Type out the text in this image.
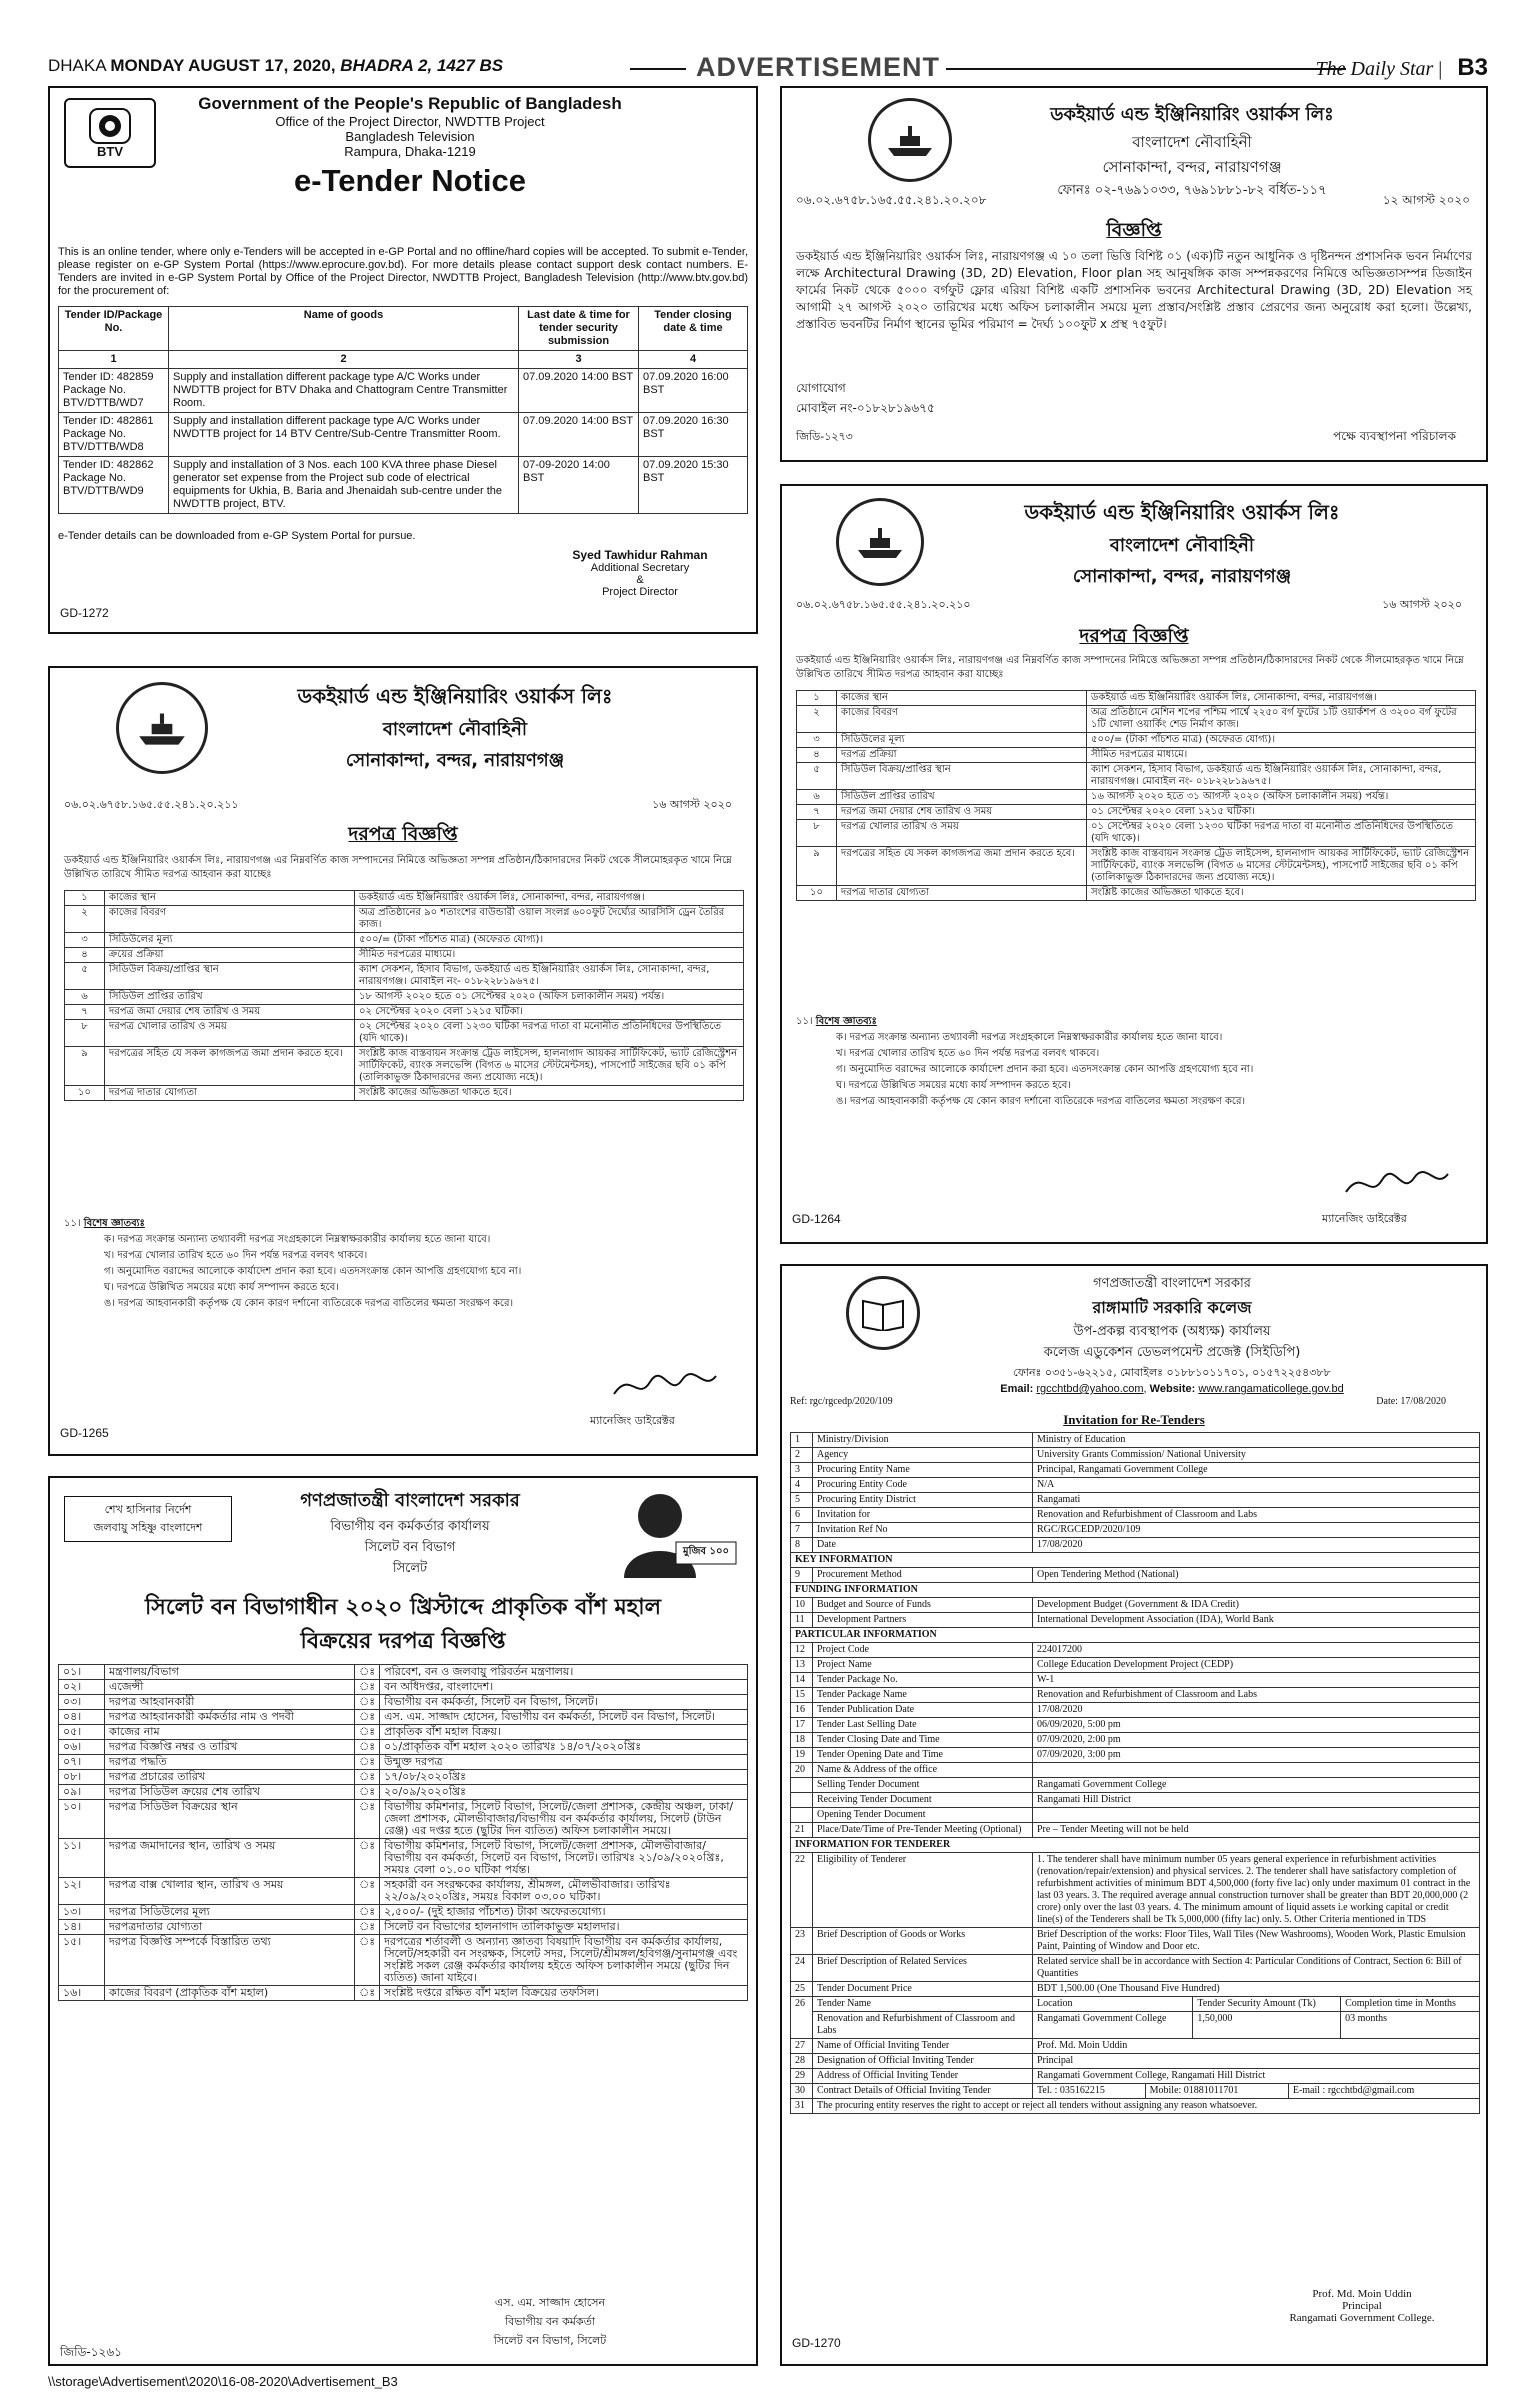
DHAKA MONDAY AUGUST 17, 2020, BHADRA 2, 1427 BS	ADVERTISEMENT	The Daily Star | B3
BTV
Government of the People's Republic of Bangladesh
Office of the Project Director, NWDTTB Project
Bangladesh Television
Rampura, Dhaka-1219
e-Tender Notice
This is an online tender, where only e-Tenders will be accepted in e-GP Portal and no offline/hard copies will be accepted. To submit e-Tender, please register on e-GP System Portal (https://www.eprocure.gov.bd). For more details please contact support desk contact numbers. E-Tenders are invited in e-GP System Portal by Office of the Project Director, NWDTTB Project, Bangladesh Television (http://www.btv.gov.bd) for the procurement of:
Tender ID/Package No.	Name of goods	Last date & time for tender security submission	Tender closing date & time
1	2	3	4
Tender ID: 482859 Package No. BTV/DTTB/WD7	Supply and installation different package type A/C Works under NWDTTB project for BTV Dhaka and Chattogram Centre Transmitter Room.	07.09.2020 14:00 BST	07.09.2020 16:00 BST
Tender ID: 482861 Package No. BTV/DTTB/WD8	Supply and installation different package type A/C Works under NWDTTB project for 14 BTV Centre/Sub-Centre Transmitter Room.	07.09.2020 14:00 BST	07.09.2020 16:30 BST
Tender ID: 482862 Package No. BTV/DTTB/WD9	Supply and installation of 3 Nos. each 100 KVA three phase Diesel generator set expense from the Project sub code of electrical equipments for Ukhia, B. Baria and Jhenaidah sub-centre under the NWDTTB project, BTV.	07-09-2020 14:00 BST	07.09.2020 15:30 BST
e-Tender details can be downloaded from e-GP System Portal for pursue.
Syed Tawhidur Rahman
Additional Secretary
&
Project Director
GD-1272
ডকইয়ার্ড এন্ড ইঞ্জিনিয়ারিং ওয়ার্কস লিঃ
বাংলাদেশ নৌবাহিনী
সোনাকান্দা, বন্দর, নারায়ণগঞ্জ
ফোনঃ ০২-৭৬৯১০৩৩, ৭৬৯১৮৮১-৮২ বর্ধিত-১১৭
০৬.০২.৬৭৫৮.১৬৫.৫৫.২৪১.২০.২০৮	১২ আগস্ট ২০২০
বিজ্ঞপ্তি
ডকইয়ার্ড এন্ড ইঞ্জিনিয়ারিং ওয়ার্কস লিঃ, নারায়ণগঞ্জ এ ১০ তলা ভিত্তি বিশিষ্ট ০১ (এক)টি নতুন আধুনিক ও দৃষ্টিনন্দন প্রশাসনিক ভবন নির্মাণের লক্ষে Architectural Drawing (3D, 2D) Elevation, Floor plan সহ আনুষঙ্গিক কাজ সম্পন্নকরণের নিমিত্তে অভিজ্ঞতাসম্পন্ন ডিজাইন ফার্মের নিকট থেকে ৫০০০ বর্গফুট ফ্লোর এরিয়া বিশিষ্ট একটি প্রশাসনিক ভবনের Architectural Drawing (3D, 2D) Elevation সহ আগামী ২৭ আগস্ট ২০২০ তারিখের মধ্যে অফিস চলাকালীন সময়ে মূল্য প্রস্তাব/সংশ্লিষ্ট প্রস্তাব প্রেরণের জন্য অনুরোধ করা হলো। উল্লেখ্য, প্রস্তাবিত ভবনটির নির্মাণ স্থানের ভূমির পরিমাণ = দৈর্ঘ্য ১০০ফুট x প্রস্থ ৭৫ফুট।
যোগাযোগ
মোবাইল নং-০১৮২৮১৯৬৭৫
জিডি-১২৭৩	পক্ষে ব্যবস্থাপনা পরিচালক
ডকইয়ার্ড এন্ড ইঞ্জিনিয়ারিং ওয়ার্কস লিঃ
বাংলাদেশ নৌবাহিনী
সোনাকান্দা, বন্দর, নারায়ণগঞ্জ
০৬.০২.৬৭৫৮.১৬৫.৫৫.২৪১.২০.২১০	১৬ আগস্ট ২০২০
দরপত্র বিজ্ঞপ্তি
ডকইয়ার্ড এন্ড ইঞ্জিনিয়ারিং ওয়ার্কস লিঃ, নারায়ণগঞ্জ এর নিম্নবর্ণিত কাজ সম্পাদনের নিমিত্তে অভিজ্ঞতা সম্পন্ন প্রতিষ্ঠান/ঠিকাদারদের নিকট থেকে সীলমোহরকৃত খামে নিম্নে উল্লিখিত তারিখে সীমিত দরপত্র আহবান করা যাচ্ছেঃ
১	কাজের স্থান	ডকইয়ার্ড এন্ড ইঞ্জিনিয়ারিং ওয়ার্কস লিঃ, সোনাকান্দা, বন্দর, নারায়ণগঞ্জ।
২	কাজের বিবরণ	অত্র প্রতিষ্ঠানে মেশিন শপের পশ্চিম পার্শ্বে ২২৫০ বর্গ ফুটের ১টি ওয়ার্কশপ ও ৩২০০ বর্গ ফুটের ১টি খোলা ওয়ার্কিং শেড নির্মাণ কাজ।
৩	সিডিউলের মূল্য	৫০০/= (টাকা পাঁচশত মাত্র) (অফেরত যোগ্য)।
৪	দরপত্র প্রক্রিয়া	সীমিত দরপত্রের মাধ্যমে।
৫	সিডিউল বিক্রয়/প্রাপ্তির স্থান	ক্যাশ সেকশন, হিসাব বিভাগ, ডকইয়ার্ড এন্ড ইঞ্জিনিয়ারিং ওয়ার্কস লিঃ, সোনাকান্দা, বন্দর, নারায়ণগঞ্জ। মোবাইল নং- ০১৮২২৮১৯৬৭৫।
৬	সিডিউল প্রাপ্তির তারিখ	১৬ আগস্ট ২০২০ হতে ৩১ আগস্ট ২০২০ (অফিস চলাকালীন সময়) পর্যন্ত।
৭	দরপত্র জমা দেয়ার শেষ তারিখ ও সময়	০১ সেপ্টেম্বর ২০২০ বেলা ১২১৫ ঘটিকা।
৮	দরপত্র খোলার তারিখ ও সময়	০১ সেপ্টেম্বর ২০২০ বেলা ১২৩০ ঘটিকা দরপত্র দাতা বা মনোনীত প্রতিনিধিদের উপস্থিতিতে (যদি থাকে)।
৯	দরপত্রের সহিত যে সকল কাগজপত্র জমা প্রদান করতে হবে।	সংশ্লিষ্ট কাজ বাস্তবায়ন সংক্রান্ত ট্রেড লাইসেন্স, হালনাগাদ আয়কর সার্টিফিকেট, ভ্যাট রেজিস্ট্রেশন সার্টিফিকেট, ব্যাংক সলভেন্সি (বিগত ৬ মাসের স্টেটমেন্টসহ), পাসপোর্ট সাইজের ছবি ০১ কপি (তালিকাভুক্ত ঠিকাদারদের জন্য প্রযোজ্য নহে)।
১০	দরপত্র দাতার যোগ্যতা	সংশ্লিষ্ট কাজের অভিজ্ঞতা থাকতে হবে।
১১। বিশেষ জ্ঞাতব্যঃ
ক। দরপত্র সংক্রান্ত অন্যান্য তথ্যাবলী দরপত্র সংগ্রহকালে নিম্নস্বাক্ষরকারীর কার্যালয় হতে জানা যাবে।
খ। দরপত্র খোলার তারিখ হতে ৬০ দিন পর্যন্ত দরপত্র বলবৎ থাকবে।
গ। অনুমোদিত বরাদ্দের আলোকে কার্যাদেশ প্রদান করা হবে। এতদসংক্রান্ত কোন আপত্তি গ্রহণযোগ্য হবে না।
ঘ। দরপত্রে উল্লিখিত সময়ের মধ্যে কার্য সম্পাদন করতে হবে।
ঙ। দরপত্র আহবানকারী কর্তৃপক্ষ যে কোন কারণ দর্শানো ব্যতিরেকে দরপত্র বাতিলের ক্ষমতা সংরক্ষণ করে।
ম্যানেজিং ডাইরেক্টর
GD-1264
ডকইয়ার্ড এন্ড ইঞ্জিনিয়ারিং ওয়ার্কস লিঃ
বাংলাদেশ নৌবাহিনী
সোনাকান্দা, বন্দর, নারায়ণগঞ্জ
০৬.০২.৬৭৫৮.১৬৫.৫৫.২৪১.২০.২১১	১৬ আগস্ট ২০২০
দরপত্র বিজ্ঞপ্তি
ডকইয়ার্ড এন্ড ইঞ্জিনিয়ারিং ওয়ার্কস লিঃ, নারায়ণগঞ্জ এর নিম্নবর্ণিত কাজ সম্পাদনের নিমিত্তে অভিজ্ঞতা সম্পন্ন প্রতিষ্ঠান/ঠিকাদারদের নিকট থেকে সীলমোহরকৃত খামে নিম্নে উল্লিখিত তারিখে সীমিত দরপত্র আহবান করা যাচ্ছেঃ
১	কাজের স্থান	ডকইয়ার্ড এন্ড ইঞ্জিনিয়ারিং ওয়ার্কস লিঃ, সোনাকান্দা, বন্দর, নারায়ণগঞ্জ।
২	কাজের বিবরণ	অত্র প্রতিষ্ঠানের ৯০ শতাংশের বাউন্ডারী ওয়াল সংলগ্ন ৬০০ফুট দৈর্ঘ্যের আরসিসি ড্রেন তৈরির কাজ।
৩	সিডিউলের মূল্য	৫০০/= (টাকা পাঁচশত মাত্র) (অফেরত যোগ্য)।
৪	ক্রয়ের প্রক্রিয়া	সীমিত দরপত্রের মাধ্যমে।
৫	সিডিউল বিক্রয়/প্রাপ্তির স্থান	ক্যাশ সেকশন, হিসাব বিভাগ, ডকইয়ার্ড এন্ড ইঞ্জিনিয়ারিং ওয়ার্কস লিঃ, সোনাকান্দা, বন্দর, নারায়ণগঞ্জ। মোবাইল নং- ০১৮২২৮১৯৬৭৫।
৬	সিডিউল প্রাপ্তির তারিখ	১৮ আগস্ট ২০২০ হতে ০১ সেপ্টেম্বর ২০২০ (অফিস চলাকালীন সময়) পর্যন্ত।
৭	দরপত্র জমা দেয়ার শেষ তারিখ ও সময়	০২ সেপ্টেম্বর ২০২০ বেলা ১২১৫ ঘটিকা।
৮	দরপত্র খোলার তারিখ ও সময়	০২ সেপ্টেম্বর ২০২০ বেলা ১২৩০ ঘটিকা দরপত্র দাতা বা মনোনীত প্রতিনিধিদের উপস্থিতিতে (যদি থাকে)।
৯	দরপত্রের সহিত যে সকল কাগজপত্র জমা প্রদান করতে হবে।	সংশ্লিষ্ট কাজ বাস্তবায়ন সংক্রান্ত ট্রেড লাইসেন্স, হালনাগাদ আয়কর সার্টিফিকেট, ভ্যাট রেজিস্ট্রেশন সার্টিফিকেট, ব্যাংক সলভেন্সি (বিগত ৬ মাসের স্টেটমেন্টসহ), পাসপোর্ট সাইজের ছবি ০১ কপি (তালিকাভুক্ত ঠিকাদারদের জন্য প্রযোজ্য নহে)।
১০	দরপত্র দাতার যোগ্যতা	সংশ্লিষ্ট কাজের অভিজ্ঞতা থাকতে হবে।
১১। বিশেষ জ্ঞাতব্যঃ
ক। দরপত্র সংক্রান্ত অন্যান্য তথ্যাবলী দরপত্র সংগ্রহকালে নিম্নস্বাক্ষরকারীর কার্যালয় হতে জানা যাবে।
খ। দরপত্র খোলার তারিখ হতে ৬০ দিন পর্যন্ত দরপত্র বলবৎ থাকবে।
গ। অনুমোদিত বরাদ্দের আলোকে কার্যাদেশ প্রদান করা হবে। এতদসংক্রান্ত কোন আপত্তি গ্রহণযোগ্য হবে না।
ঘ। দরপত্রে উল্লিখিত সময়ের মধ্যে কার্য সম্পাদন করতে হবে।
ঙ। দরপত্র আহবানকারী কর্তৃপক্ষ যে কোন কারণ দর্শানো ব্যতিরেকে দরপত্র বাতিলের ক্ষমতা সংরক্ষণ করে।
ম্যানেজিং ডাইরেক্টর
GD-1265
গণপ্রজাতন্ত্রী বাংলাদেশ সরকার
রাঙ্গামাটি সরকারি কলেজ
উপ-প্রকল্প ব্যবস্থাপক (অধ্যক্ষ) কার্যালয়
কলেজ এডুকেশন ডেভলপমেন্ট প্রজেক্ট (সিইডিপি)
ফোনঃ ০৩৫১-৬২২১৫, মোবাইলঃ ০১৮৮১০১১৭০১, ০১৫৭২২৫৪৩৮৮
Email: rgcchtbd@yahoo.com, Website: www.rangamaticollege.gov.bd
Ref: rgc/rgcedp/2020/109	Date: 17/08/2020
Invitation for Re-Tenders
1	Ministry/Division	Ministry of Education
2	Agency	University Grants Commission/ National University
3	Procuring Entity Name	Principal, Rangamati Government College
4	Procuring Entity Code	N/A
5	Procuring Entity District	Rangamati
6	Invitation for	Renovation and Refurbishment of Classroom and Labs
7	Invitation Ref No	RGC/RGCEDP/2020/109
8	Date	17/08/2020
KEY INFORMATION		
9	Procurement Method	Open Tendering Method (National)
FUNDING INFORMATION		
10	Budget and Source of Funds	Development Budget (Government & IDA Credit)
11	Development Partners	International Development Association (IDA), World Bank
PARTICULAR INFORMATION		
12	Project Code	224017200
13	Project Name	College Education Development Project (CEDP)
14	Tender Package No.	W-1
15	Tender Package Name	Renovation and Refurbishment of Classroom and Labs
16	Tender Publication Date	17/08/2020
17	Tender Last Selling Date	06/09/2020, 5:00 pm
18	Tender Closing Date and Time	07/09/2020, 2:00 pm
19	Tender Opening Date and Time	07/09/2020, 3:00 pm
20	Name & Address of the office	
	Selling Tender Document	Rangamati Government College
	Receiving Tender Document	Rangamati Hill District
	Opening Tender Document	
21	Place/Date/Time of Pre-Tender Meeting (Optional)	Pre – Tender Meeting will not be held
INFORMATION FOR TENDERER		
22	Eligibility of Tenderer	1. The tenderer shall have minimum number 05 years general experience in refurbishment activities (renovation/repair/extension) and physical services. 2. The tenderer shall have satisfactory completion of refurbishment activities of minimum BDT 4,500,000 (forty five lac) only under maximum 01 contract in the last 03 years. 3. The required average annual construction turnover shall be greater than BDT 20,000,000 (2 crore) only over the last 03 years. 4. The minimum amount of liquid assets i.e working capital or credit line(s) of the Tenderers shall be Tk 5,000,000 (fifty lac) only. 5. Other Criteria mentioned in TDS
23	Brief Description of Goods or Works	Brief Description of the works: Floor Tiles, Wall Tiles (New Washrooms), Wooden Work, Plastic Emulsion Paint, Painting of Window and Door etc.
24	Brief Description of Related Services	Related service shall be in accordance with Section 4: Particular Conditions of Contract, Section 6: Bill of Quantities
25	Tender Document Price	BDT 1,500.00 (One Thousand Five Hundred)
26	Tender Name	Location	Tender Security Amount (Tk)	Completion time in Months
	Renovation and Refurbishment of Classroom and Labs	Rangamati Government College	1,50,000	03 months
27	Name of Official Inviting Tender	Prof. Md. Moin Uddin
28	Designation of Official Inviting Tender	Principal
29	Address of Official Inviting Tender	Rangamati Government College, Rangamati Hill District
30	Contract Details of Official Inviting Tender	Tel. : 035162215	Mobile: 01881011701	E-mail : rgcchtbd@gmail.com
31	The procuring entity reserves the right to accept or reject all tenders without assigning any reason whatsoever.			
Prof. Md. Moin Uddin
Principal
Rangamati Government College.
GD-1270
শেখ হাসিনার নির্দেশ
জলবায়ু সহিষ্ণু বাংলাদেশ
গণপ্রজাতন্ত্রী বাংলাদেশ সরকার
বিভাগীয় বন কর্মকর্তার কার্যালয়
সিলেট বন বিভাগ
সিলেট
মুজিব ১০০
সিলেট বন বিভাগাধীন ২০২০ খ্রিস্টাব্দে প্রাকৃতিক বাঁশ মহাল
বিক্রয়ের দরপত্র বিজ্ঞপ্তি
০১।	মন্ত্রণালয়/বিভাগ	ঃ	পরিবেশ, বন ও জলবায়ু পরিবর্তন মন্ত্রণালয়।
০২।	এজেন্সী	ঃ	বন অধিদপ্তর, বাংলাদেশ।
০৩।	দরপত্র আহবানকারী	ঃ	বিভাগীয় বন কর্মকর্তা, সিলেট বন বিভাগ, সিলেট।
০৪।	দরপত্র আহবানকারী কর্মকর্তার নাম ও পদবী	ঃ	এস. এম. সাজ্জাদ হোসেন, বিভাগীয় বন কর্মকর্তা, সিলেট বন বিভাগ, সিলেট।
০৫।	কাজের নাম	ঃ	প্রাকৃতিক বাঁশ মহাল বিক্রয়।
০৬।	দরপত্র বিজ্ঞপ্তি নম্বর ও তারিখ	ঃ	০১/প্রাকৃতিক বাঁশ মহাল ২০২০ তারিখঃ ১৪/০৭/২০২০খ্রিঃ
০৭।	দরপত্র পদ্ধতি	ঃ	উন্মুক্ত দরপত্র
০৮।	দরপত্র প্রচারের তারিখ	ঃ	১৭/০৮/২০২০খ্রিঃ
০৯।	দরপত্র সিডিউল ক্রয়ের শেষ তারিখ	ঃ	২০/০৯/২০২০খ্রিঃ
১০।	দরপত্র সিডিউল বিক্রয়ের স্থান	ঃ	বিভাগীয় কমিশনার, সিলেট বিভাগ, সিলেট/জেলা প্রশাসক, কেন্দ্রীয় অঞ্চল, ঢাকা/জেলা প্রশাসক, মৌলভীবাজার/বিভাগীয় বন কর্মকর্তার কার্যালয়, সিলেট (টাউন রেঞ্জ) এর দপ্তর হতে (ছুটির দিন ব্যতিত) অফিস চলাকালীন সময়ে।
১১।	দরপত্র জমাদানের স্থান, তারিখ ও সময়	ঃ	বিভাগীয় কমিশনার, সিলেট বিভাগ, সিলেট/জেলা প্রশাসক, মৌলভীবাজার/বিভাগীয় বন কর্মকর্তা, সিলেট বন বিভাগ, সিলেট। তারিখঃ ২১/০৯/২০২০খ্রিঃ, সময়ঃ বেলা ০১.০০ ঘটিকা পর্যন্ত।
১২।	দরপত্র বাক্স খোলার স্থান, তারিখ ও সময়	ঃ	সহকারী বন সংরক্ষকের কার্যালয়, শ্রীমঙ্গল, মৌলভীবাজার। তারিখঃ ২২/০৯/২০২০খ্রিঃ, সময়ঃ বিকাল ০৩.০০ ঘটিকা।
১৩।	দরপত্র সিডিউলের মূল্য	ঃ	২,৫০০/- (দুই হাজার পাঁচশত) টাকা অফেরতযোগ্য।
১৪।	দরপত্রদাতার যোগ্যতা	ঃ	সিলেট বন বিভাগের হালনাগাদ তালিকাভুক্ত মহালদার।
১৫।	দরপত্র বিজ্ঞপ্তি সম্পর্কে বিস্তারিত তথ্য	ঃ	দরপত্রের শর্তাবলী ও অন্যান্য জ্ঞাতব্য বিষয়াদি বিভাগীয় বন কর্মকর্তার কার্যালয়, সিলেট/সহকারী বন সংরক্ষক, সিলেট সদর, সিলেট/শ্রীমঙ্গল/হবিগঞ্জ/সুনামগঞ্জ এবং সংশ্লিষ্ট সকল রেঞ্জ কর্মকর্তার কার্যালয় হইতে অফিস চলাকালীন সময়ে (ছুটির দিন ব্যতিত) জানা যাইবে।
১৬।	কাজের বিবরণ (প্রাকৃতিক বাঁশ মহাল)	ঃ	সংশ্লিষ্ট দপ্তরে রক্ষিত বাঁশ মহাল বিক্রয়ের তফসিল।
এস. এম. সাজ্জাদ হোসেন
বিভাগীয় বন কর্মকর্তা
সিলেট বন বিভাগ, সিলেট
জিডি-১২৬১
\\storage\Advertisement\2020\16-08-2020\Advertisement_B3
